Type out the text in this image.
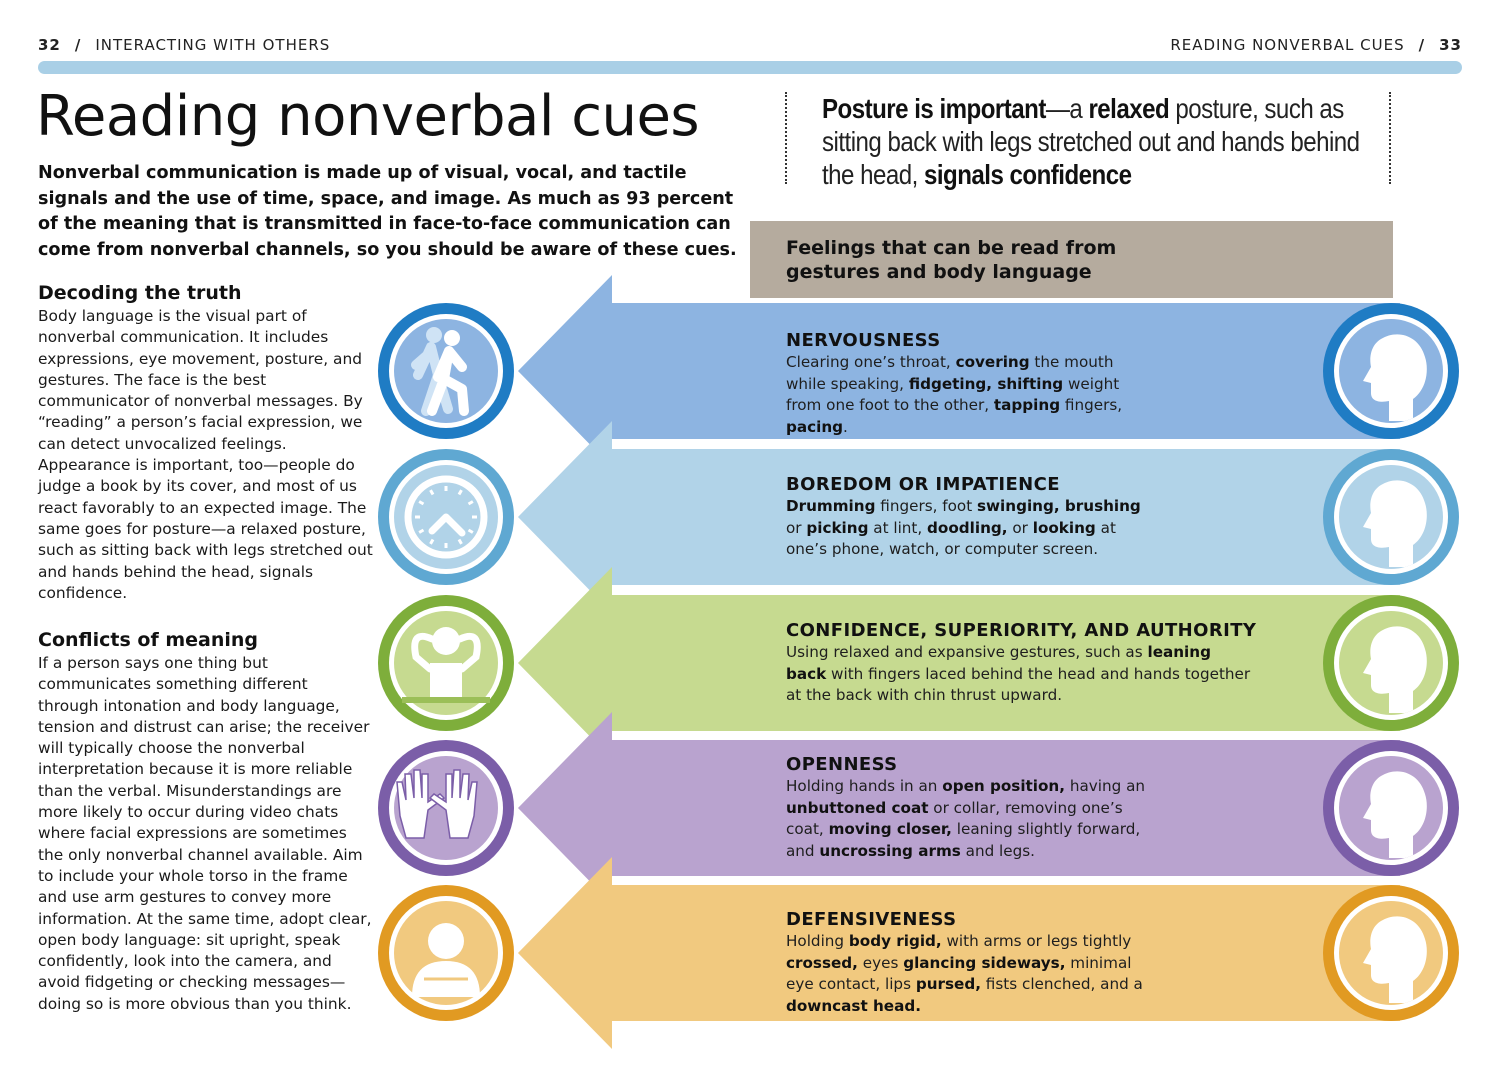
32 / INTERACTING WITH OTHERS	READING NONVERBAL CUES / 33
Reading nonverbal cues

Nonverbal communication is made up of visual, vocal, and tactile signals and the use of time, space, and image. As much as 93 percent of the meaning that is transmitted in face-to-face communication can come from nonverbal channels, so you should be aware of these cues.

Decoding the truth

Body language is the visual part of nonverbal communication. It includes expressions, eye movement, posture, and gestures. The face is the best communicator of nonverbal messages. By “reading” a person’s facial expression, we can detect unvocalized feelings. Appearance is important, too—people do judge a book by its cover, and most of us react favorably to an expected image. The same goes for posture—a relaxed posture, such as sitting back with legs stretched out and hands behind the head, signals confidence.

Conflicts of meaning

If a person says one thing but communicates something different through intonation and body language, tension and distrust can arise; the receiver will typically choose the nonverbal interpretation because it is more reliable than the verbal. Misunderstandings are more likely to occur during video chats where facial expressions are sometimes the only nonverbal channel available. Aim to include your whole torso in the frame and use arm gestures to convey more information. At the same time, adopt clear, open body language: sit upright, speak confidently, look into the camera, and avoid fidgeting or checking messages—doing so is more obvious than you think.

Posture is important—a relaxed posture, such as sitting back with legs stretched out and hands behind the head, signals confidence
Feelings that can be read from gestures and body language
NERVOUSNESS
Clearing one’s throat, covering the mouth while speaking, fidgeting, shifting weight from one foot to the other, tapping fingers, pacing.
BOREDOM OR IMPATIENCE
Drumming fingers, foot swinging, brushing or picking at lint, doodling, or looking at one’s phone, watch, or computer screen.
CONFIDENCE, SUPERIORITY, AND AUTHORITY
Using relaxed and expansive gestures, such as leaning back with fingers laced behind the head and hands together at the back with chin thrust upward.
OPENNESS
Holding hands in an open position, having an unbuttoned coat or collar, removing one’s coat, moving closer, leaning slightly forward, and uncrossing arms and legs.
DEFENSIVENESS
Holding body rigid, with arms or legs tightly crossed, eyes glancing sideways, minimal eye contact, lips pursed, fists clenched, and a downcast head.
